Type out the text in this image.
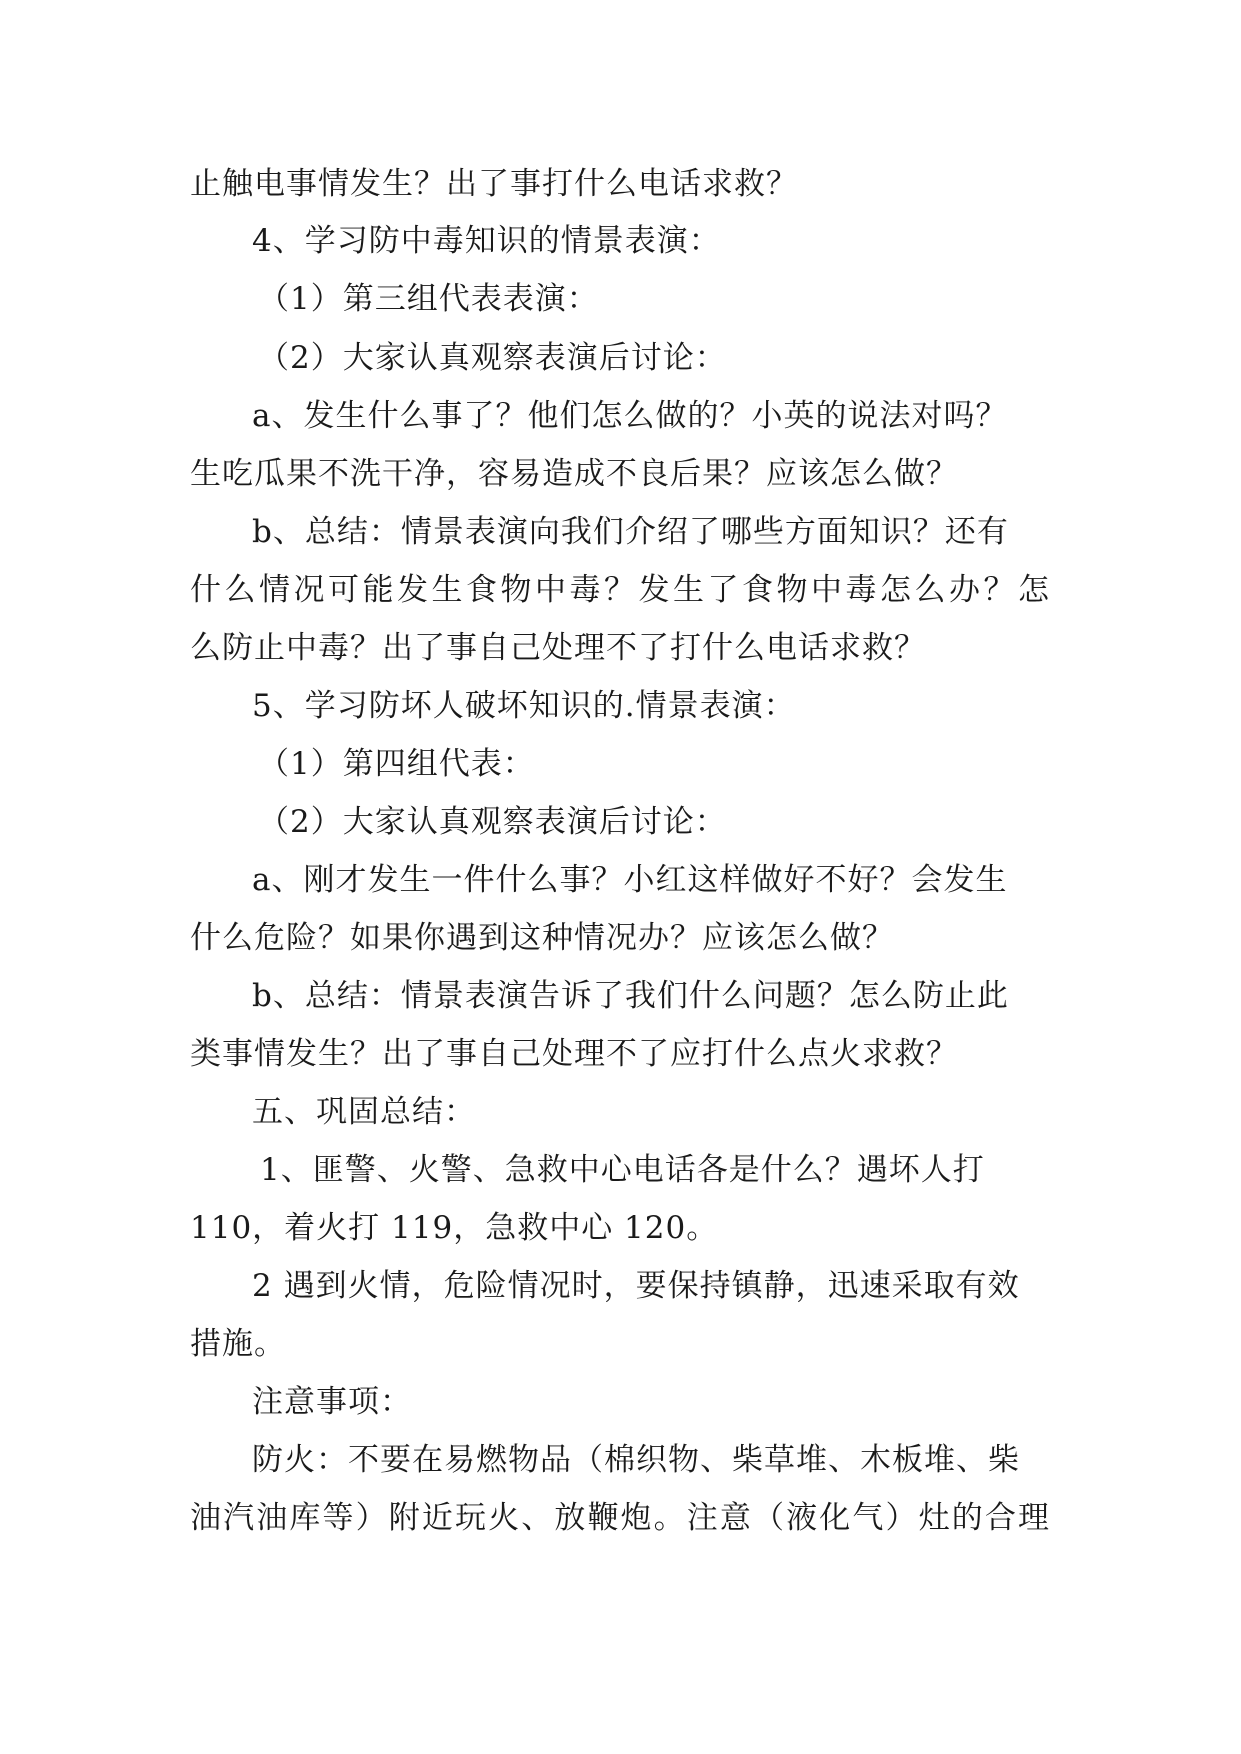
止触电事情发生？出了事打什么电话求救？
4、学习防中毒知识的情景表演：
（1）第三组代表表演：
（2）大家认真观察表演后讨论：
a、发生什么事了？他们怎么做的？小英的说法对吗？
生吃瓜果不洗干净，容易造成不良后果？应该怎么做？
b、总结：情景表演向我们介绍了哪些方面知识？还有
什么情况可能发生食物中毒？发生了食物中毒怎么办？怎
么防止中毒？出了事自己处理不了打什么电话求救？
5、学习防坏人破坏知识的.情景表演：
（1）第四组代表：
（2）大家认真观察表演后讨论：
a、刚才发生一件什么事？小红这样做好不好？会发生
什么危险？如果你遇到这种情况办？应该怎么做？
b、总结：情景表演告诉了我们什么问题？怎么防止此
类事情发生？出了事自己处理不了应打什么点火求救？
五、巩固总结：
1、匪警、火警、急救中心电话各是什么？遇坏人打
110，着火打 119，急救中心 120。
2 遇到火情，危险情况时，要保持镇静，迅速采取有效
措施。
注意事项：
防火：不要在易燃物品（棉织物、柴草堆、木板堆、柴
油汽油库等）附近玩火、放鞭炮。注意（液化气）灶的合理
